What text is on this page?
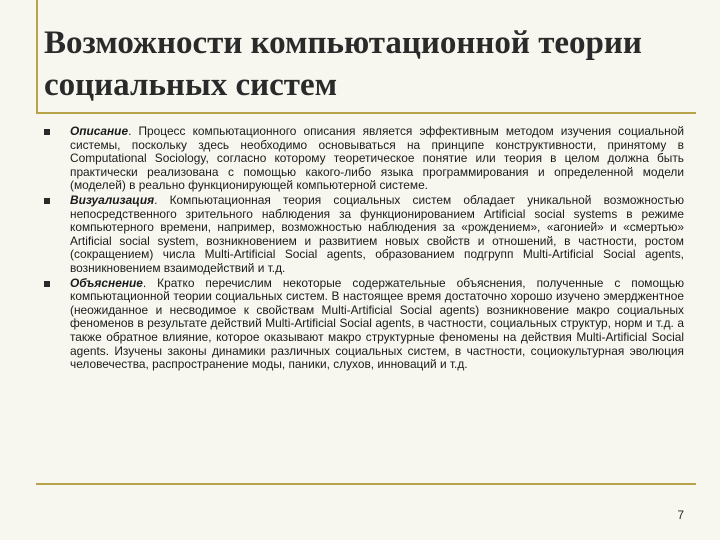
Возможности компьютационной теории социальных систем
Описание. Процесс компьютационного описания является эффективным методом изучения социальной системы, поскольку здесь необходимо основываться на принципе конструктивности, принятому в Computational Sociology, согласно которому теоретическое понятие или теория в целом должна быть практически реализована с помощью какого-либо языка программирования и определенной модели (моделей) в реально функционирующей компьютерной системе.
Визуализация. Компьютационная теория социальных систем обладает уникальной возможностью непосредственного зрительного наблюдения за функционированием Artificial social systems в режиме компьютерного времени, например, возможностью наблюдения за «рождением», «агонией» и «смертью» Artificial social system, возникновением и развитием новых свойств и отношений, в частности, ростом (сокращением) числа Multi-Artificial Social agents, образованием подгрупп Multi-Artificial Social agents, возникновением взаимодействий и т.д.
Объяснение. Кратко перечислим некоторые содержательные объяснения, полученные с помощью компьютационной теории социальных систем. В настоящее время достаточно хорошо изучено эмерджентное (неожиданное и несводимое к свойствам Multi-Artificial Social agents) возникновение макро социальных феноменов в результате действий Multi-Artificial Social agents, в частности, социальных структур, норм и т.д. а также обратное влияние, которое оказывают макро структурные феномены на действия Multi-Artificial Social agents. Изучены законы динамики различных социальных систем, в частности, социокультурная эволюция человечества, распространение моды, паники, слухов, инноваций и т.д.
7
